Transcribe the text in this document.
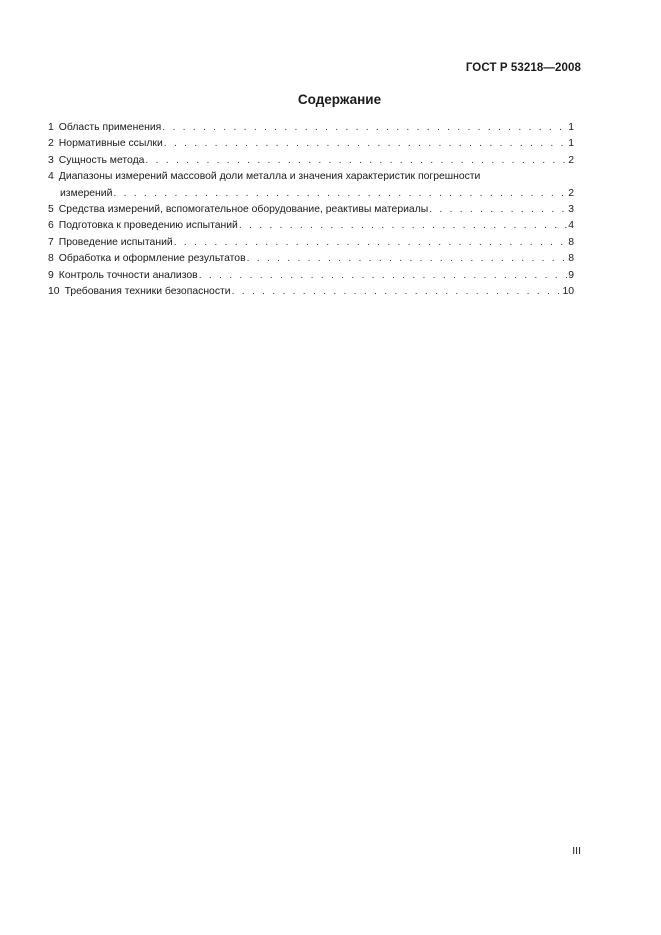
ГОСТ Р 53218—2008
Содержание
1 Область применения . . .	1
2 Нормативные ссылки . . .	1
3 Сущность метода . . .	2
4 Диапазоны измерений массовой доли металла и значения характеристик погрешности
измерений . . .	2
5 Средства измерений, вспомогательное оборудование, реактивы материалы . . .	3
6 Подготовка к проведению испытаний . . .	4
7 Проведение испытаний . . .	8
8 Обработка и оформление результатов . . .	8
9 Контроль точности анализов . . .	9
10 Требования техники безопасности . . .	10
III
